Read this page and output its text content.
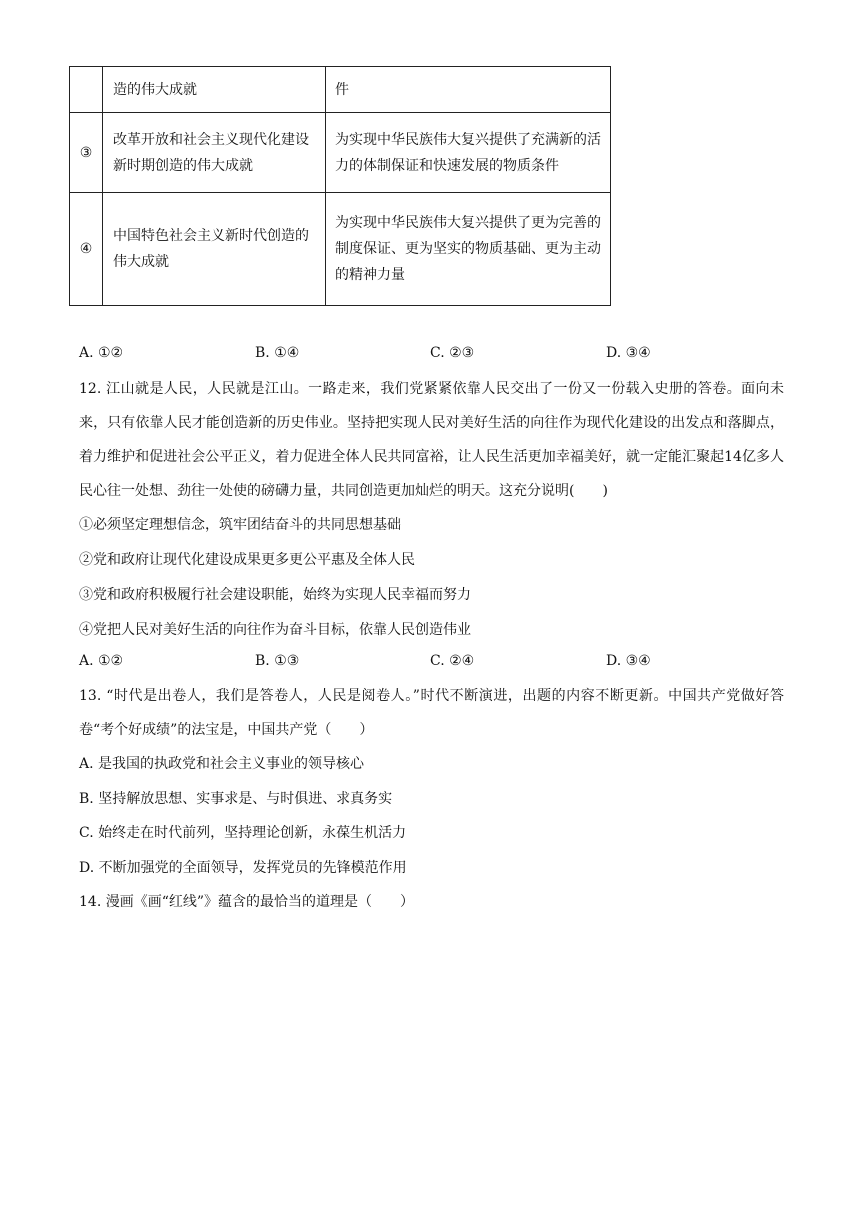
	造的伟大成就	件
③	改革开放和社会主义现代化建设新时期创造的伟大成就	为实现中华民族伟大复兴提供了充满新的活力的体制保证和快速发展的物质条件
④	中国特色社会主义新时代创造的伟大成就	为实现中华民族伟大复兴提供了更为完善的制度保证、更为坚实的物质基础、更为主动的精神力量
A. ①②	B. ①④	C. ②③	D. ③④
12. 江山就是人民，人民就是江山。一路走来，我们党紧紧依靠人民交出了一份又一份载入史册的答卷。面向未来，只有依靠人民才能创造新的历史伟业。坚持把实现人民对美好生活的向往作为现代化建设的出发点和落脚点，着力维护和促进社会公平正义，着力促进全体人民共同富裕，让人民生活更加幸福美好，就一定能汇聚起14亿多人民心往一处想、劲往一处使的磅礴力量，共同创造更加灿烂的明天。这充分说明(　　)
①必须坚定理想信念，筑牢团结奋斗的共同思想基础
②党和政府让现代化建设成果更多更公平惠及全体人民
③党和政府积极履行社会建设职能，始终为实现人民幸福而努力
④党把人民对美好生活的向往作为奋斗目标，依靠人民创造伟业
A. ①②	B. ①③	C. ②④	D. ③④
13. “时代是出卷人，我们是答卷人，人民是阅卷人。”时代不断演进，出题的内容不断更新。中国共产党做好答卷“考个好成绩”的法宝是，中国共产党（　　）
A. 是我国的执政党和社会主义事业的领导核心
B. 坚持解放思想、实事求是、与时俱进、求真务实
C. 始终走在时代前列，坚持理论创新，永葆生机活力
D. 不断加强党的全面领导，发挥党员的先锋模范作用
14. 漫画《画“红线”》蕴含的最恰当的道理是（　　）
